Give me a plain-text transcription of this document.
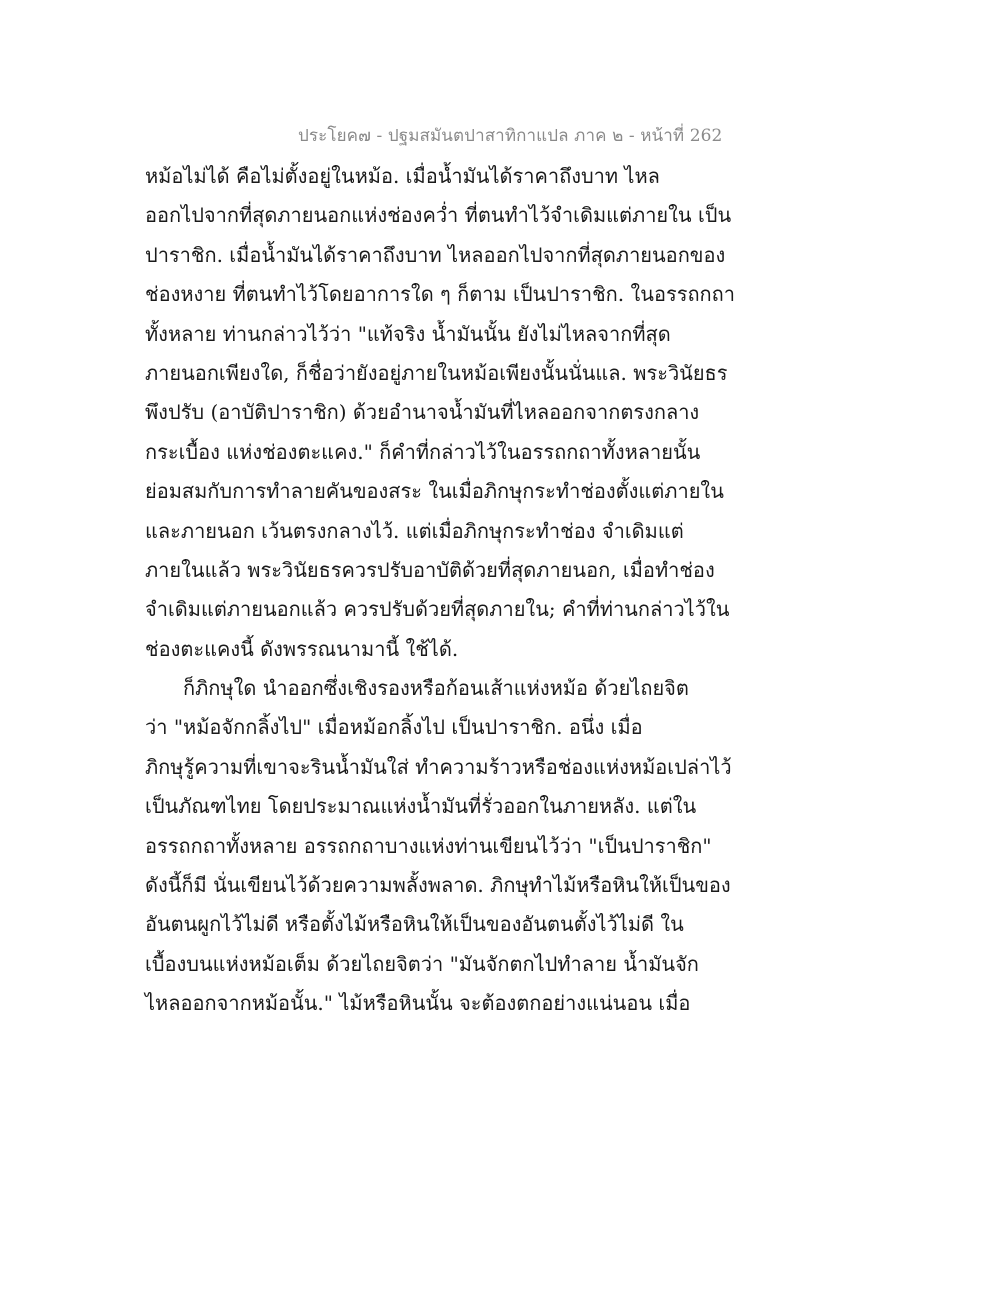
ประโยค๗ - ปฐมสมันตปาสาทิกาแปล ภาค ๒ - หน้าที่ 262
หม้อไม่ได้ คือไม่ตั้งอยู่ในหม้อ. เมื่อน้ำมันได้ราคาถึงบาท ไหล
ออกไปจากที่สุดภายนอกแห่งช่องคว่ำ ที่ตนทำไว้จำเดิมแต่ภายใน เป็น
ปาราชิก. เมื่อน้ำมันได้ราคาถึงบาท ไหลออกไปจากที่สุดภายนอกของ
ช่องหงาย ที่ตนทำไว้โดยอาการใด ๆ ก็ตาม เป็นปาราชิก. ในอรรถกถา
ทั้งหลาย ท่านกล่าวไว้ว่า "แท้จริง น้ำมันนั้น ยังไม่ไหลจากที่สุด
ภายนอกเพียงใด, ก็ชื่อว่ายังอยู่ภายในหม้อเพียงนั้นนั่นแล. พระวินัยธร
พึงปรับ (อาบัติปาราชิก) ด้วยอำนาจน้ำมันที่ไหลออกจากตรงกลาง
กระเบื้อง แห่งช่องตะแคง." ก็คำที่กล่าวไว้ในอรรถกถาทั้งหลายนั้น
ย่อมสมกับการทำลายคันของสระ ในเมื่อภิกษุกระทำช่องตั้งแต่ภายใน
และภายนอก เว้นตรงกลางไว้. แต่เมื่อภิกษุกระทำช่อง จำเดิมแต่
ภายในแล้ว พระวินัยธรควรปรับอาบัติด้วยที่สุดภายนอก, เมื่อทำช่อง
จำเดิมแต่ภายนอกแล้ว ควรปรับด้วยที่สุดภายใน; คำที่ท่านกล่าวไว้ใน
ช่องตะแคงนี้ ดังพรรณนามานี้ ใช้ได้.
ก็ภิกษุใด นำออกซึ่งเชิงรองหรือก้อนเส้าแห่งหม้อ ด้วยไถยจิต
ว่า "หม้อจักกลิ้งไป" เมื่อหม้อกลิ้งไป เป็นปาราชิก. อนึ่ง เมื่อ
ภิกษุรู้ความที่เขาจะรินน้ำมันใส่ ทำความร้าวหรือช่องแห่งหม้อเปล่าไว้
เป็นภัณฑไทย โดยประมาณแห่งน้ำมันที่รั่วออกในภายหลัง. แต่ใน
อรรถกถาทั้งหลาย อรรถกถาบางแห่งท่านเขียนไว้ว่า "เป็นปาราชิก"
ดังนี้ก็มี นั่นเขียนไว้ด้วยความพลั้งพลาด. ภิกษุทำไม้หรือหินให้เป็นของ
อันตนผูกไว้ไม่ดี หรือตั้งไม้หรือหินให้เป็นของอันตนตั้งไว้ไม่ดี ใน
เบื้องบนแห่งหม้อเต็ม ด้วยไถยจิตว่า "มันจักตกไปทำลาย น้ำมันจัก
ไหลออกจากหม้อนั้น." ไม้หรือหินนั้น จะต้องตกอย่างแน่นอน เมื่อ
